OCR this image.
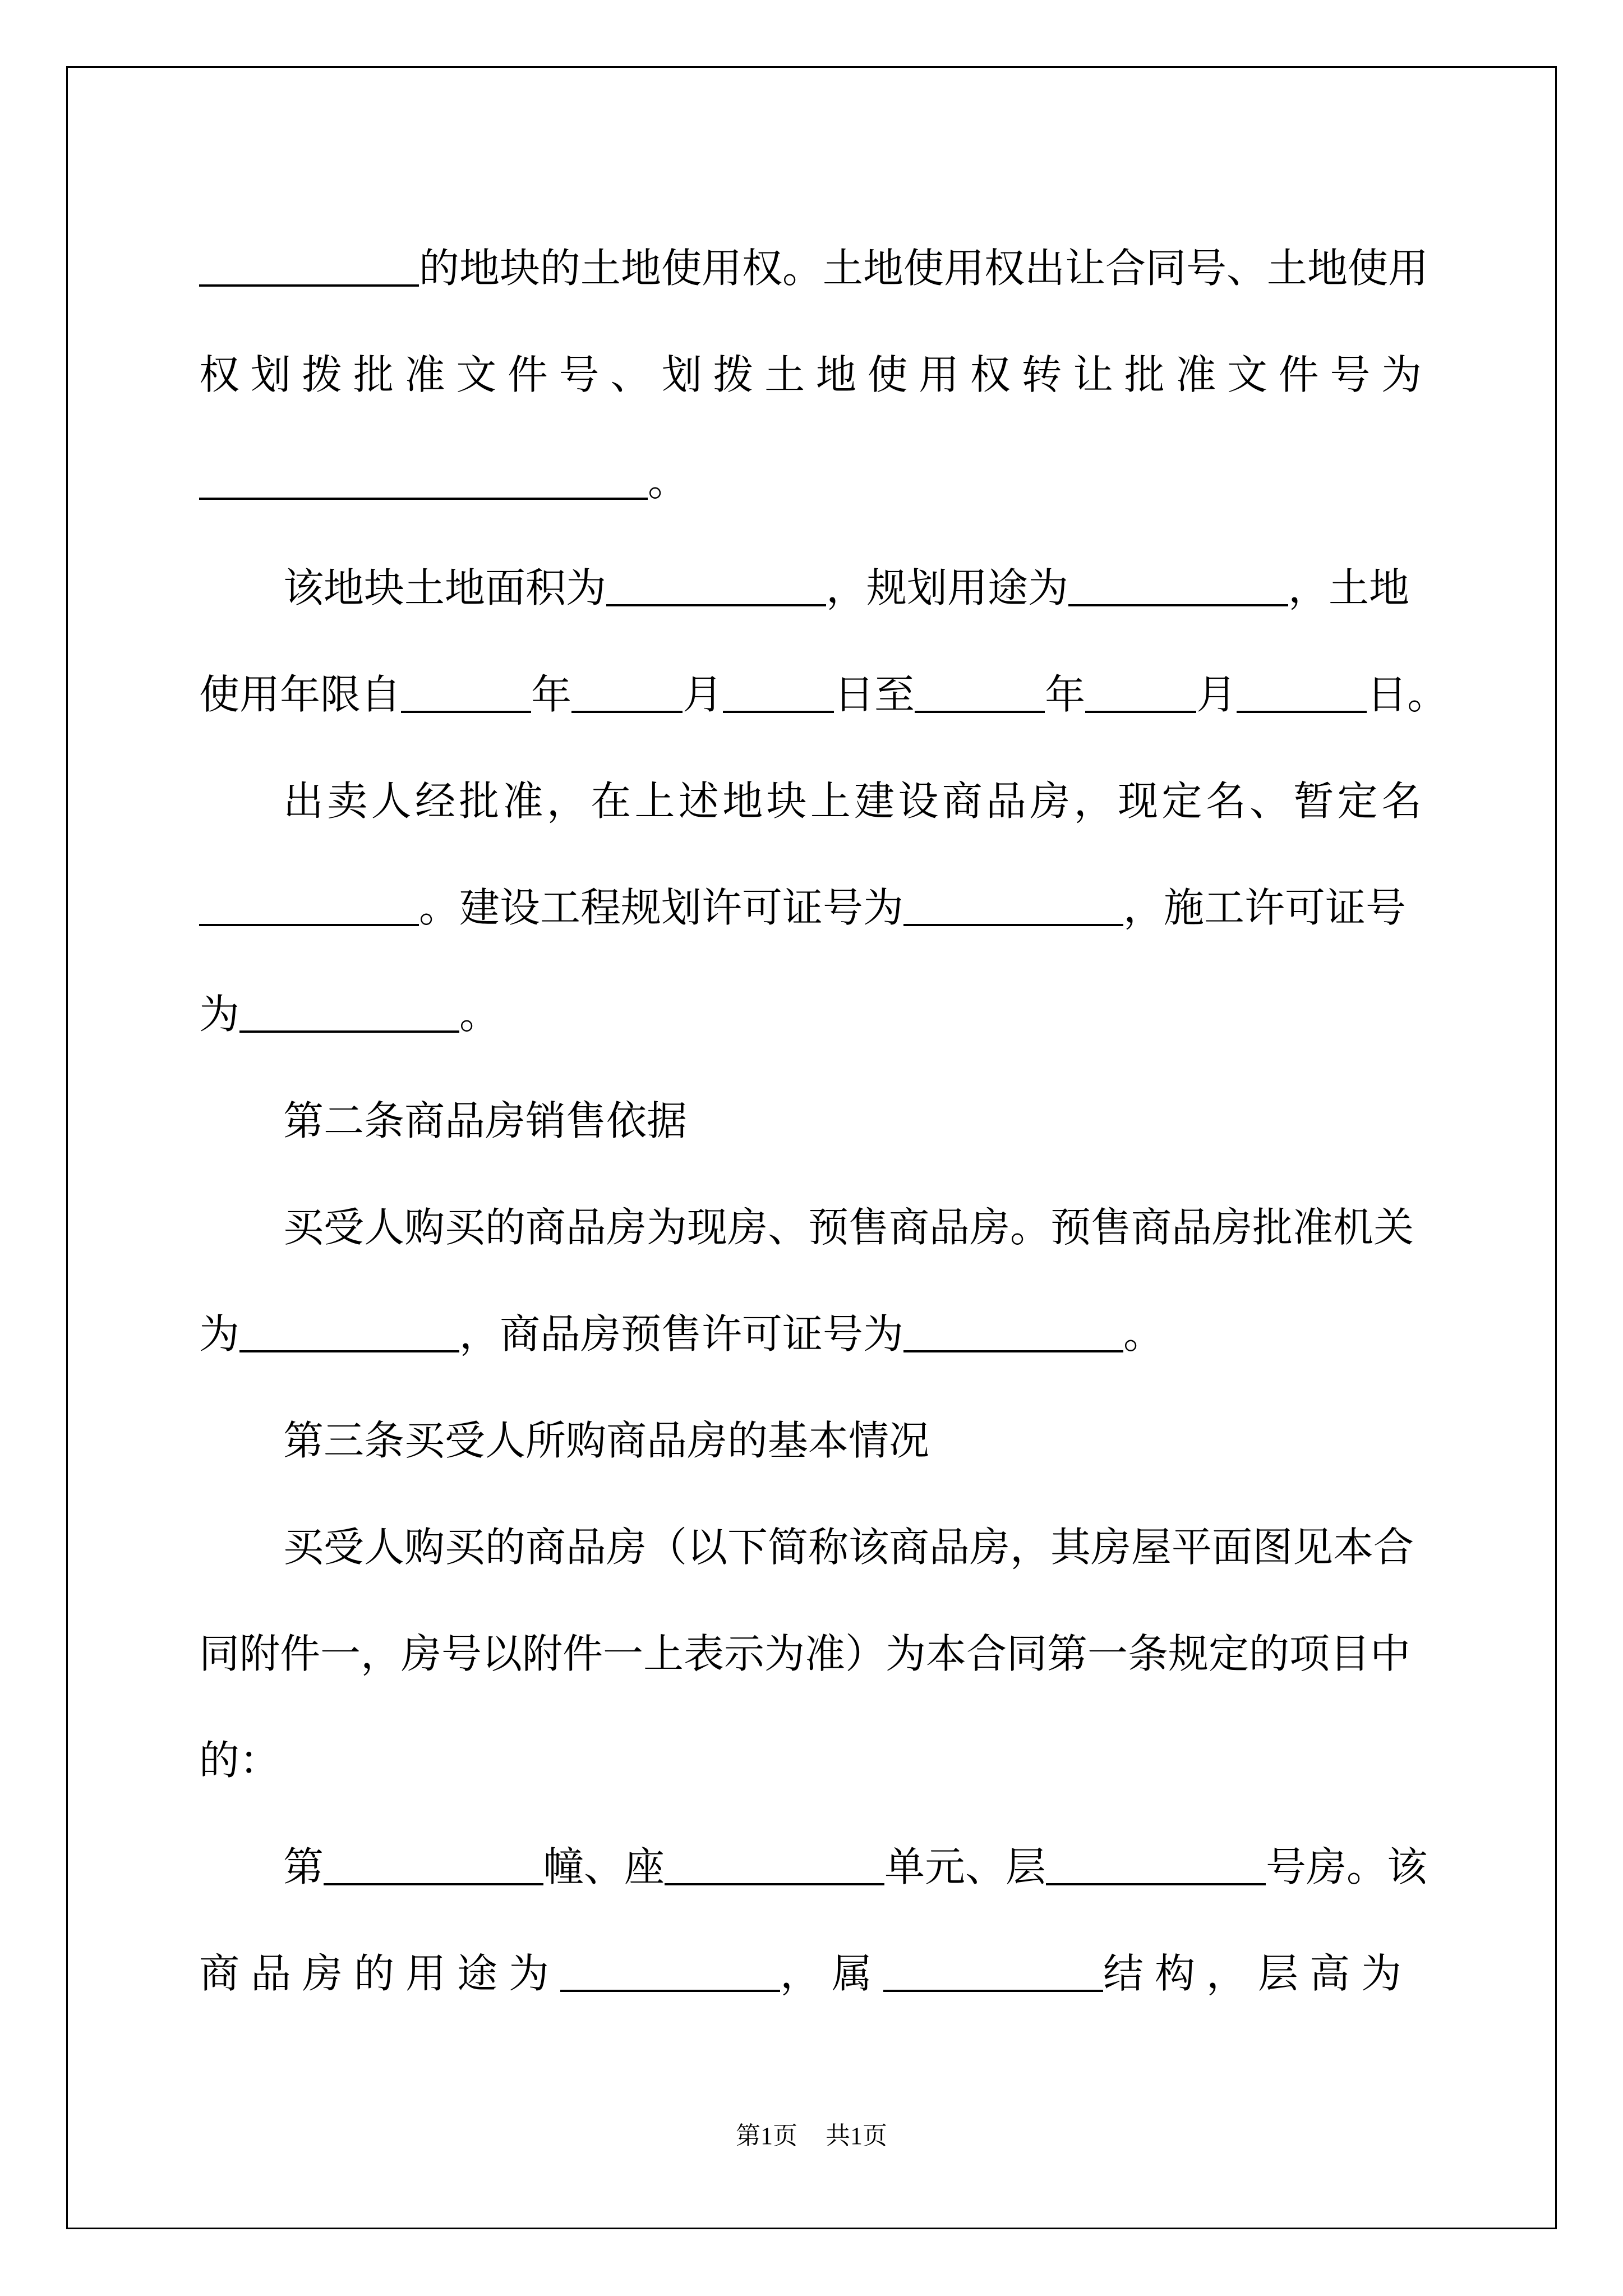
的地块的土地使用权。土地使用权出让合同号、土地使用
权划拨批准文件号、划拨土地使用权转让批准文件号为
。
该地块土地面积为	，规划用途为	，土地
使用年限自	年	月	日至	年	月	日。
出卖人经批准，在上述地块上建设商品房，现定名、暂定名
。建设工程规划许可证号为	，施工许可证号
为	。
第二条商品房销售依据
买受人购买的商品房为现房、预售商品房。预售商品房批准机关
为	，商品房预售许可证号为	。
第三条买受人所购商品房的基本情况
买受人购买的商品房（以下简称该商品房，其房屋平面图见本合
同附件一，房号以附件一上表示为准）为本合同第一条规定的项目中
的：
第	幢、座	单元、层	号房。该
商品房的用途为	，属	结构，层高为
第1页 共1页
